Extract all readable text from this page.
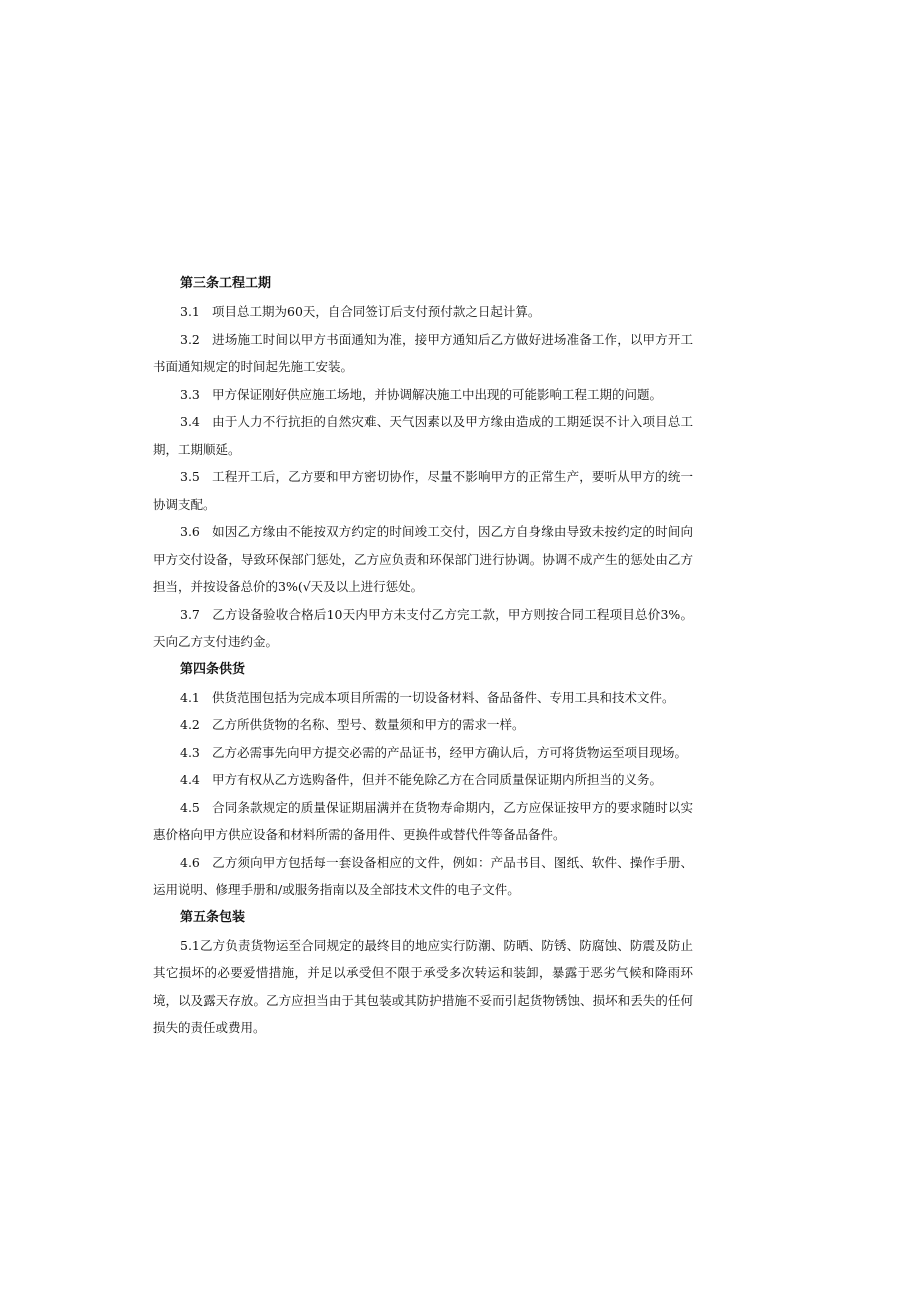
第三条工程工期

3.1 项目总工期为60天，自合同签订后支付预付款之日起计算。

3.2 进场施工时间以甲方书面通知为准，接甲方通知后乙方做好进场准备工作，以甲方开工书面通知规定的时间起先施工安装。

3.3 甲方保证刚好供应施工场地，并协调解决施工中出现的可能影响工程工期的问题。

3.4 由于人力不行抗拒的自然灾难、天气因素以及甲方缘由造成的工期延误不计入项目总工期，工期顺延。

3.5 工程开工后，乙方要和甲方密切协作，尽量不影响甲方的正常生产，要听从甲方的统一协调支配。

3.6 如因乙方缘由不能按双方约定的时间竣工交付，因乙方自身缘由导致未按约定的时间向甲方交付设备，导致环保部门惩处，乙方应负责和环保部门进行协调。协调不成产生的惩处由乙方担当，并按设备总价的3%(√天及以上进行惩处。

3.7 乙方设备验收合格后10天内甲方未支付乙方完工款，甲方则按合同工程项目总价3%。天向乙方支付违约金。

第四条供货

4.1 供货范围包括为完成本项目所需的一切设备材料、备品备件、专用工具和技术文件。

4.2 乙方所供货物的名称、型号、数量须和甲方的需求一样。

4.3 乙方必需事先向甲方提交必需的产品证书，经甲方确认后，方可将货物运至项目现场。

4.4 甲方有权从乙方选购备件，但并不能免除乙方在合同质量保证期内所担当的义务。

4.5 合同条款规定的质量保证期届满并在货物寿命期内，乙方应保证按甲方的要求随时以实惠价格向甲方供应设备和材料所需的备用件、更换件或替代件等备品备件。

4.6 乙方须向甲方包括每一套设备相应的文件，例如：产品书目、图纸、软件、操作手册、运用说明、修理手册和/或服务指南以及全部技术文件的电子文件。

第五条包装

5.1乙方负责货物运至合同规定的最终目的地应实行防潮、防晒、防锈、防腐蚀、防震及防止其它损坏的必要爱惜措施，并足以承受但不限于承受多次转运和装卸，暴露于恶劣气候和降雨环境，以及露天存放。乙方应担当由于其包装或其防护措施不妥而引起货物锈蚀、损坏和丢失的任何损失的责任或费用。
